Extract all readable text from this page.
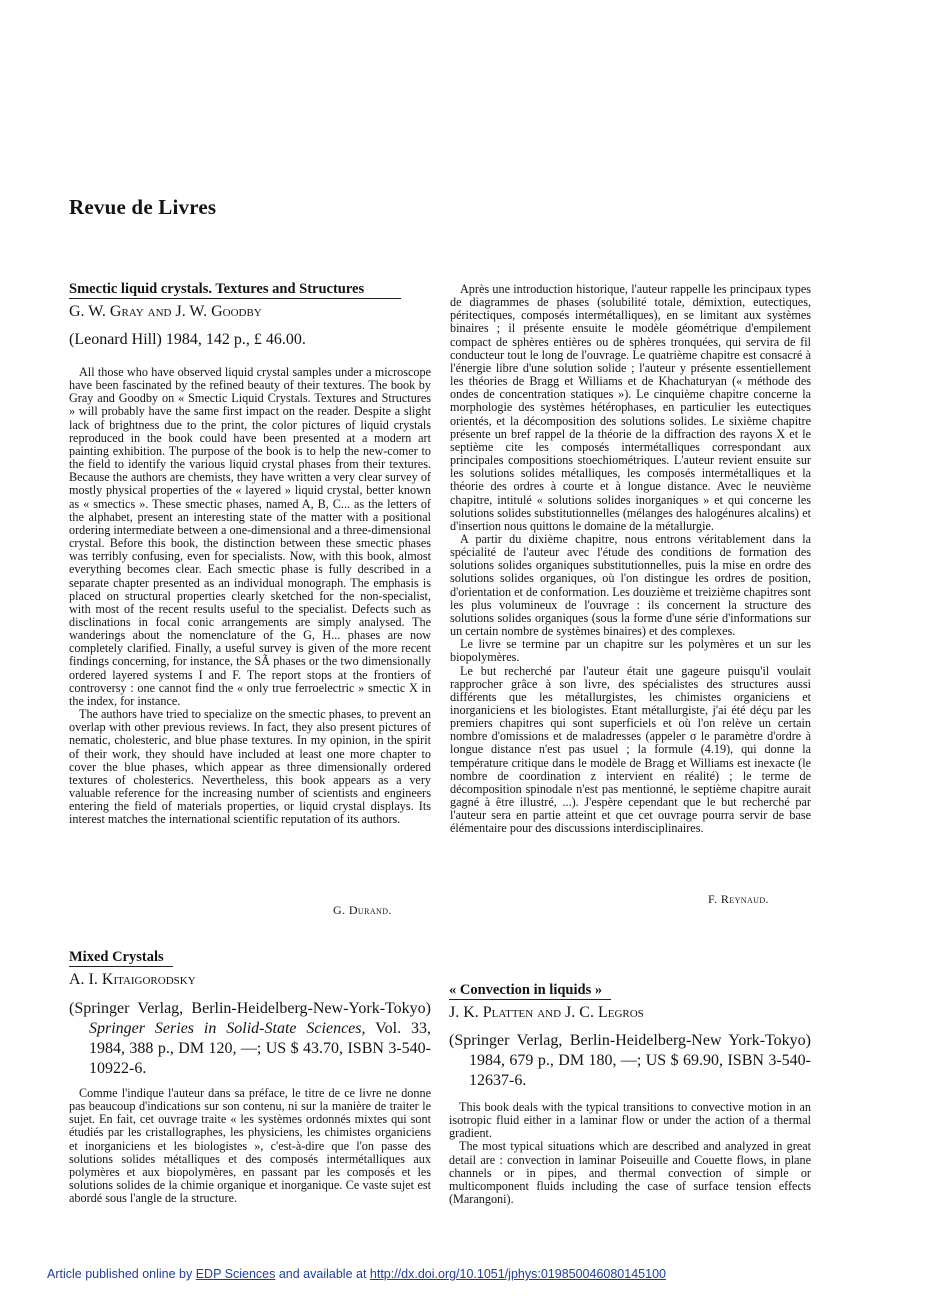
Revue de Livres
Smectic liquid crystals. Textures and Structures
G. W. Gray and J. W. Goodby
(Leonard Hill) 1984, 142 p., £ 46.00.

All those who have observed liquid crystal samples under a microscope have been fascinated by the refined beauty of their textures. The book by Gray and Goodby on « Smectic Liquid Crystals. Textures and Structures » will probably have the same first impact on the reader. Despite a slight lack of brightness due to the print, the color pictures of liquid crystals reproduced in the book could have been presented at a modern art painting exhibition. The purpose of the book is to help the new-comer to the field to identify the various liquid crystal phases from their textures. Because the authors are chemists, they have written a very clear survey of mostly physical properties of the « layered » liquid crystal, better known as « smectics ». These smectic phases, named A, B, C... as the letters of the alphabet, present an interesting state of the matter with a positional ordering intermediate between a one-dimensional and a three-dimensional crystal. Before this book, the distinction between these smectic phases was terribly confusing, even for specialists. Now, with this book, almost everything becomes clear. Each smectic phase is fully described in a separate chapter presented as an individual monograph. The emphasis is placed on structural properties clearly sketched for the non-specialist, with most of the recent results useful to the specialist. Defects such as disclinations in focal conic arrangements are simply analysed. The wanderings about the nomenclature of the G, H... phases are now completely clarified. Finally, a useful survey is given of the more recent findings concerning, for instance, the SÃ phases or the two dimensionally ordered layered systems I and F. The report stops at the frontiers of controversy : one cannot find the « only true ferroelectric » smectic X in the index, for instance.

The authors have tried to specialize on the smectic phases, to prevent an overlap with other previous reviews. In fact, they also present pictures of nematic, cholesteric, and blue phase textures. In my opinion, in the spirit of their work, they should have included at least one more chapter to cover the blue phases, which appear as three dimensionally ordered textures of cholesterics. Nevertheless, this book appears as a very valuable reference for the increasing number of scientists and engineers entering the field of materials properties, or liquid crystal displays. Its interest matches the international scientific reputation of its authors.

G. Durand.

Après une introduction historique, l'auteur rappelle les principaux types de diagrammes de phases (solubilité totale, démixtion, eutectiques, péritectiques, composés intermétalliques), en se limitant aux systèmes binaires ; il présente ensuite le modèle géométrique d'empilement compact de sphères entières ou de sphères tronquées, qui servira de fil conducteur tout le long de l'ouvrage. Le quatrième chapitre est consacré à l'énergie libre d'une solution solide ; l'auteur y présente essentiellement les théories de Bragg et Williams et de Khachaturyan (« méthode des ondes de concentration statiques »). Le cinquième chapitre concerne la morphologie des systèmes hétérophases, en particulier les eutectiques orientés, et la décomposition des solutions solides. Le sixième chapitre présente un bref rappel de la théorie de la diffraction des rayons X et le septième cite les composés intermétalliques correspondant aux principales compositions stoechiométriques. L'auteur revient ensuite sur les solutions solides métalliques, les composés intermétalliques et la théorie des ordres à courte et à longue distance. Avec le neuvième chapitre, intitulé « solutions solides inorganiques » et qui concerne les solutions solides substitutionnelles (mélanges des halogénures alcalins) et d'insertion nous quittons le domaine de la métallurgie.

A partir du dixième chapitre, nous entrons véritablement dans la spécialité de l'auteur avec l'étude des conditions de formation des solutions solides organiques substitutionnelles, puis la mise en ordre des solutions solides organiques, où l'on distingue les ordres de position, d'orientation et de conformation. Les douzième et treizième chapitres sont les plus volumineux de l'ouvrage : ils concernent la structure des solutions solides organiques (sous la forme d'une série d'informations sur un certain nombre de systèmes binaires) et des complexes.

Le livre se termine par un chapitre sur les polymères et un sur les biopolymères.

Le but recherché par l'auteur était une gageure puisqu'il voulait rapprocher grâce à son livre, des spécialistes des structures aussi différents que les métallurgistes, les chimistes organiciens et inorganiciens et les biologistes. Etant métallurgiste, j'ai été déçu par les premiers chapitres qui sont superficiels et où l'on relève un certain nombre d'omissions et de maladresses (appeler σ le paramètre d'ordre à longue distance n'est pas usuel ; la formule (4.19), qui donne la température critique dans le modèle de Bragg et Williams est inexacte (le nombre de coordination z intervient en réalité) ; le terme de décomposition spinodale n'est pas mentionné, le septième chapitre aurait gagné à être illustré, ...). J'espère cependant que le but recherché par l'auteur sera en partie atteint et que cet ouvrage pourra servir de base élémentaire pour des discussions interdisciplinaires.

F. Reynaud.
Mixed Crystals
A. I. Kitaigorodsky
(Springer Verlag, Berlin-Heidelberg-New-York-Tokyo) Springer Series in Solid-State Sciences, Vol. 33, 1984, 388 p., DM 120, —; US $ 43.70, ISBN 3-540-10922-6.

Comme l'indique l'auteur dans sa préface, le titre de ce livre ne donne pas beaucoup d'indications sur son contenu, ni sur la manière de traiter le sujet. En fait, cet ouvrage traite « les systèmes ordonnés mixtes qui sont étudiés par les cristallographes, les physiciens, les chimistes organiciens et inorganiciens et les biologistes », c'est-à-dire que l'on passe des solutions solides métalliques et des composés intermétalliques aux polymères et aux biopolymères, en passant par les composés et les solutions solides de la chimie organique et inorganique. Ce vaste sujet est abordé sous l'angle de la structure.

« Convection in liquids »
J. K. Platten and J. C. Legros
(Springer Verlag, Berlin-Heidelberg-New York-Tokyo) 1984, 679 p., DM 180, —; US $ 69.90, ISBN 3-540-12637-6.

This book deals with the typical transitions to convective motion in an isotropic fluid either in a laminar flow or under the action of a thermal gradient.

The most typical situations which are described and analyzed in great detail are : convection in laminar Poiseuille and Couette flows, in plane channels or in pipes, and thermal convection of simple or multicomponent fluids including the case of surface tension effects (Marangoni).

Article published online by EDP Sciences and available at http://dx.doi.org/10.1051/jphys:019850046080145100
